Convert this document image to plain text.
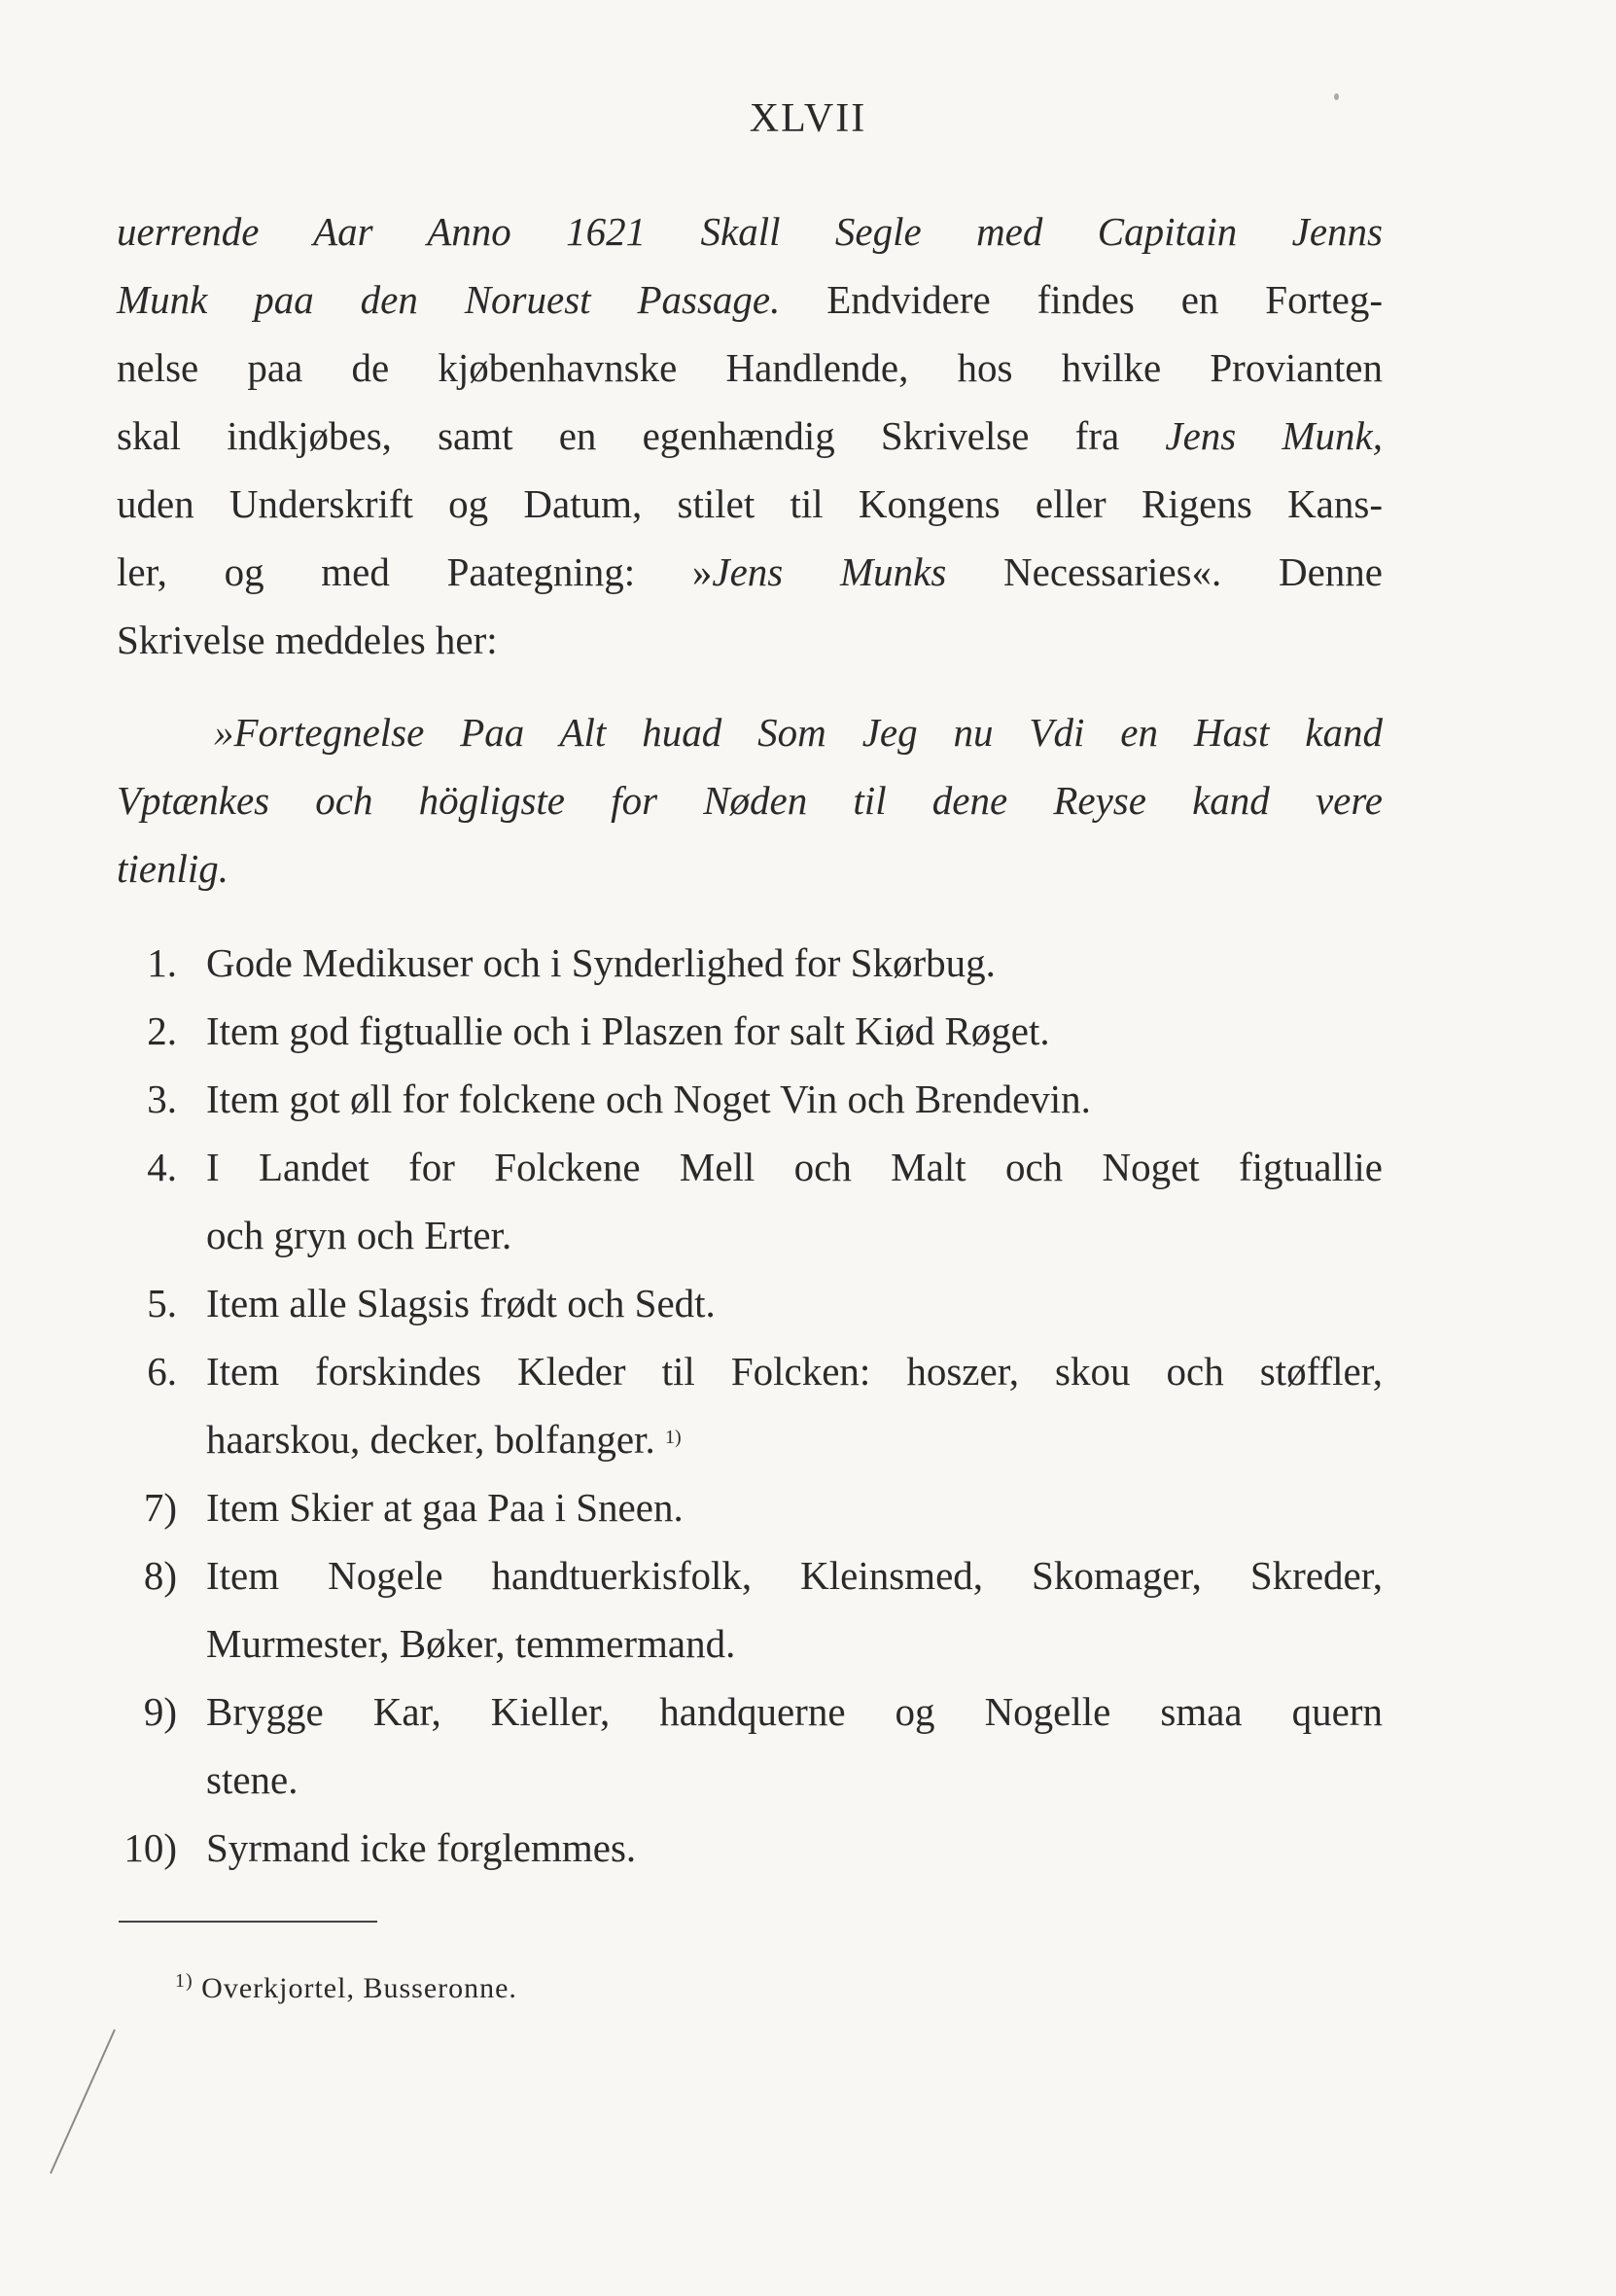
XLVII
uerrende Aar Anno 1621 Skall Segle med Capitain Jenns
Munk paa den Noruest Passage. Endvidere findes en Forteg-
nelse paa de kjøbenhavnske Handlende, hos hvilke Provianten
skal indkjøbes, samt en egenhændig Skrivelse fra Jens Munk,
uden Underskrift og Datum, stilet til Kongens eller Rigens Kans-
ler, og med Paategning: »Jens Munks Necessaries«. Denne
Skrivelse meddeles her:
»Fortegnelse Paa Alt huad Som Jeg nu Vdi en Hast kand
Vptænkes och högligste for Nøden til dene Reyse kand vere
tienlig.
1. Gode Medikuser och i Synderlighed for Skørbug.
2. Item god figtuallie och i Plaszen for salt Kiød Røget.
3. Item got øll for folckene och Noget Vin och Brendevin.
4. I Landet for Folckene Mell och Malt och Noget figtuallie
och gryn och Erter.
5. Item alle Slagsis frødt och Sedt.
6. Item forskindes Kleder til Folcken: hoszer, skou och støffler,
haarskou, decker, bolfanger. $^{1)}$
7) Item Skier at gaa Paa i Sneen.
8) Item Nogele handtuerkisfolk, Kleinsmed, Skomager, Skreder,
Murmester, Bøker, temmermand.
9) Brygge Kar, Kieller, handquerne og Nogelle smaa quern
stene.
10) Syrmand icke forglemmes.
$^{1)}$ Overkjortel, Busseronne.
